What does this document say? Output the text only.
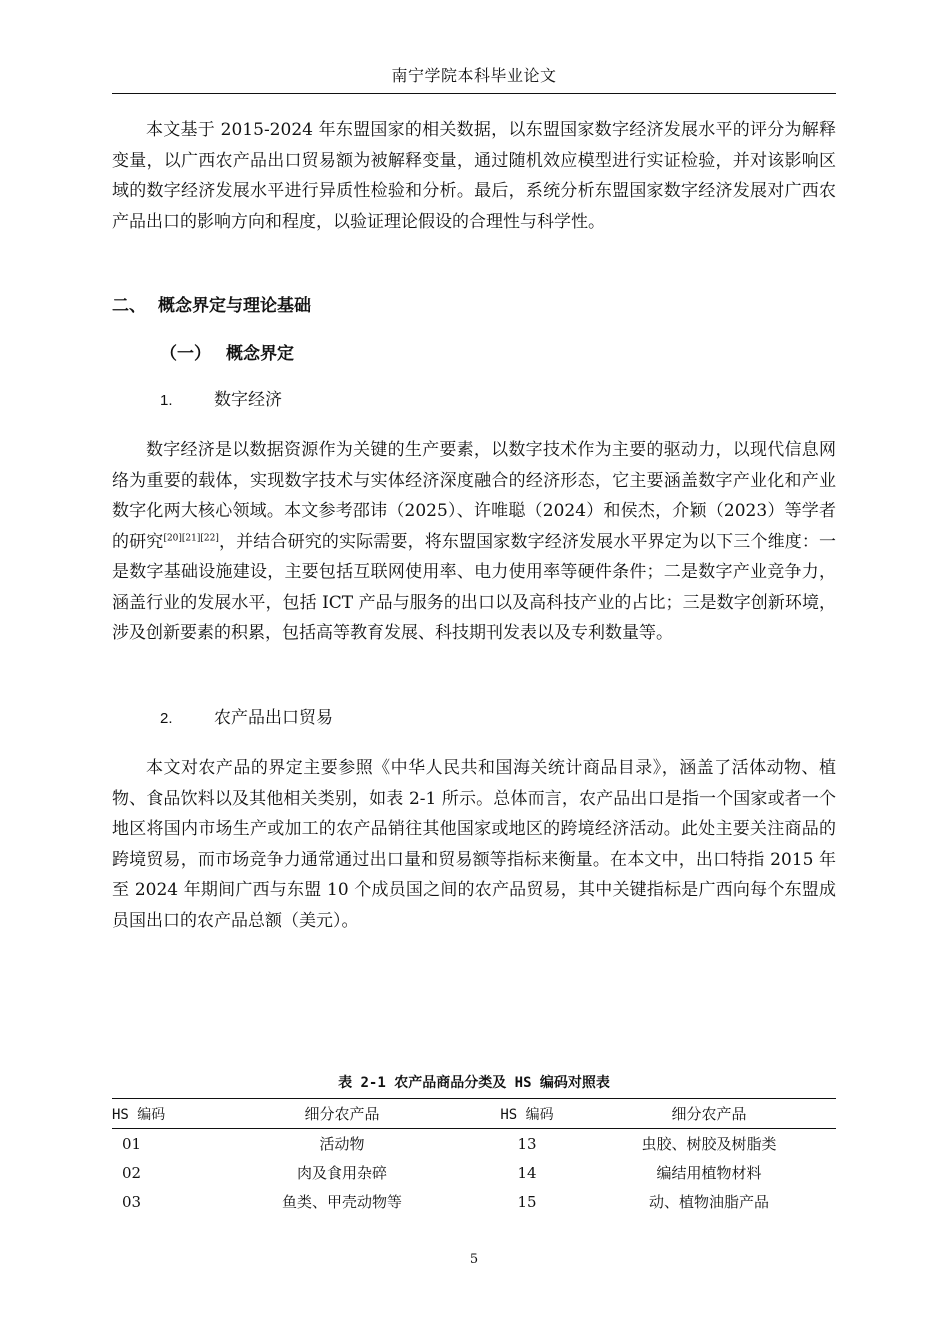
南宁学院本科毕业论文

本文基于 2015-2024 年东盟国家的相关数据，以东盟国家数字经济发展水平的评分为解释变量，以广西农产品出口贸易额为被解释变量，通过随机效应模型进行实证检验，并对该影响区域的数字经济发展水平进行异质性检验和分析。最后，系统分析东盟国家数字经济发展对广西农产品出口的影响方向和程度，以验证理论假设的合理性与科学性。

二、 概念界定与理论基础
（一） 概念界定
1. 数字经济

数字经济是以数据资源作为关键的生产要素，以数字技术作为主要的驱动力，以现代信息网络为重要的载体，实现数字技术与实体经济深度融合的经济形态，它主要涵盖数字产业化和产业数字化两大核心领域。本文参考邵讳（2025）、许唯聪（2024）和侯杰，介颖（2023）等学者的研究[20][21][22]，并结合研究的实际需要，将东盟国家数字经济发展水平界定为以下三个维度：一是数字基础设施建设，主要包括互联网使用率、电力使用率等硬件条件；二是数字产业竞争力，涵盖行业的发展水平，包括 ICT 产品与服务的出口以及高科技产业的占比；三是数字创新环境，涉及创新要素的积累，包括高等教育发展、科技期刊发表以及专利数量等。

2. 农产品出口贸易

本文对农产品的界定主要参照《中华人民共和国海关统计商品目录》，涵盖了活体动物、植物、食品饮料以及其他相关类别，如表 2-1 所示。总体而言，农产品出口是指一个国家或者一个地区将国内市场生产或加工的农产品销往其他国家或地区的跨境经济活动。此处主要关注商品的跨境贸易，而市场竞争力通常通过出口量和贸易额等指标来衡量。在本文中，出口特指 2015 年至 2024 年期间广西与东盟 10 个成员国之间的农产品贸易，其中关键指标是广西向每个东盟成员国出口的农产品总额（美元）。

表 2-1 农产品商品分类及 HS 编码对照表
HS 编码	细分农产品	HS 编码	细分农产品
01	活动物	13	虫胶、树胶及树脂类
02	肉及食用杂碎	14	编结用植物材料
03	鱼类、甲壳动物等	15	动、植物油脂产品
5
